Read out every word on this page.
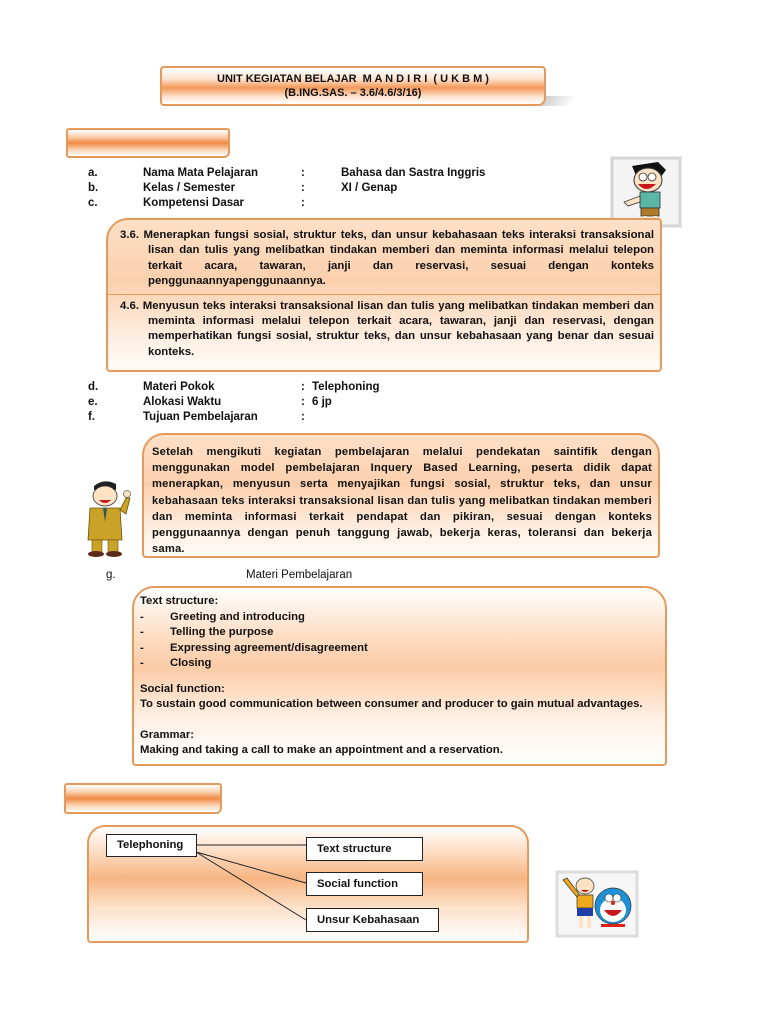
UNIT KEGIATAN BELAJAR  M A N D I R I  ( U K B M )
(B.ING.SAS. – 3.6/4.6/3/16)
a.	Nama Mata Pelajaran	:	Bahasa dan Sastra Inggris
b.	Kelas / Semester	:	XI / Genap
c.	Kompetensi Dasar	:

3.6. Menerapkan fungsi sosial, struktur teks, dan unsur kebahasaan teks interaksi transaksional lisan dan tulis yang melibatkan tindakan memberi dan meminta informasi melalui telepon terkait acara, tawaran, janji dan reservasi, sesuai dengan konteks penggunaannyapenggunaannya.

4.6. Menyusun teks interaksi transaksional lisan dan tulis yang melibatkan tindakan memberi dan meminta informasi melalui telepon terkait acara, tawaran, janji dan reservasi, dengan memperhatikan fungsi sosial, struktur teks, dan unsur kebahasaan yang benar dan sesuai konteks.

d.	Materi Pokok	: Telephoning
e.	Alokasi Waktu	: 6 jp
f.	Tujuan Pembelajaran	:

Setelah mengikuti kegiatan pembelajaran melalui pendekatan saintifik dengan menggunakan model pembelajaran Inquery Based Learning, peserta didik dapat menerapkan, menyusun serta menyajikan fungsi sosial, struktur teks, dan unsur kebahasaan teks interaksi transaksional lisan dan tulis yang melibatkan tindakan memberi dan meminta informasi terkait pendapat dan pikiran, sesuai dengan konteks penggunaannya dengan penuh tanggung jawab, bekerja keras, toleransi dan bekerja sama.

g.	Materi Pembelajaran

Text structure:

- Greeting and introducing

- Telling the purpose

- Expressing agreement/disagreement

- Closing

Social function:

To sustain good communication between consumer and producer to gain mutual advantages.

Grammar:

Making and taking a call to make an appointment and a reservation.

Telephoning	Text structure
Social function
Unsur Kebahasaan
